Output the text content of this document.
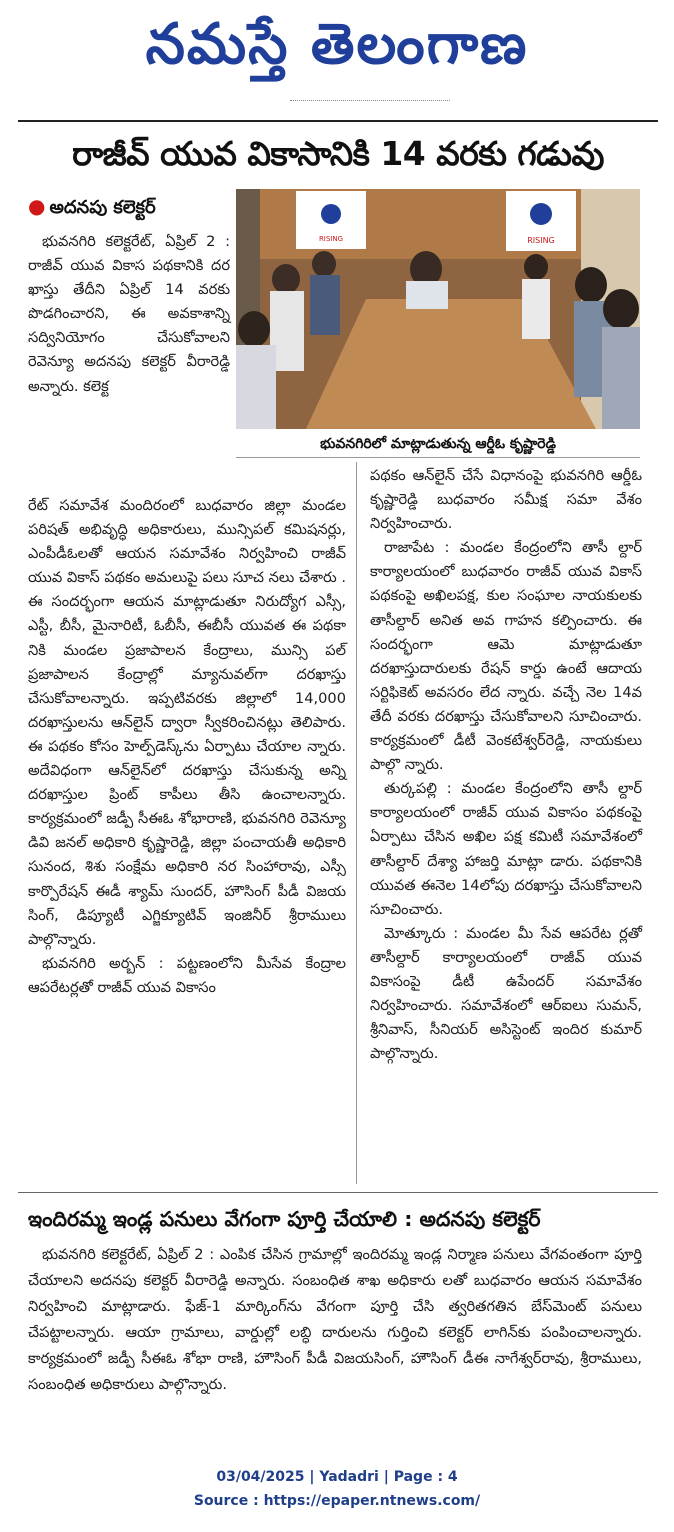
నమస్తే తెలంగాణ
రాజీవ్ యువ వికాసానికి 14 వరకు గడువు
● అదనపు కలెక్టర్
RISING	RISING
భువనగిరిలో మాట్లాడుతున్న ఆర్డీఓ కృష్ణారెడ్డి

భువనగిరి కలెక్టరేట్, ఏప్రిల్ 2 : రాజీవ్ యువ వికాస పథకానికి దర ఖాస్తు తేదీని ఏప్రిల్ 14 వరకు పొడగించారని, ఈ అవకాశాన్ని సద్వినియోగం చేసుకోవాలని రెవెన్యూ అదనపు కలెక్టర్ వీరారెడ్డి అన్నారు. కలెక్ట

రేట్ సమావేశ మందిరంలో బుధవారం జిల్లా మండల పరిషత్ అభివృద్ధి అధికారులు, మున్సిపల్ కమిషనర్లు, ఎంపీడీఓలతో ఆయన సమావేశం నిర్వహించి రాజీవ్ యువ వికాస్ పథకం అమలుపై పలు సూచ నలు చేశారు . ఈ సందర్భంగా ఆయన మాట్లాడుతూ నిరుద్యోగ ఎస్సీ, ఎస్టీ, బీసీ, మైనారిటీ, ఓబీసీ, ఈబీసీ యువత ఈ పథకా నికి మండల ప్రజాపాలన కేంద్రాలు, మున్సి పల్ ప్రజాపాలన కేంద్రాల్లో మ్యానువల్‌గా దరఖాస్తు చేసుకోవాలన్నారు. ఇప్పటివరకు జిల్లాలో 14,000 దరఖాస్తులను ఆన్‌లైన్ ద్వారా స్వీకరించినట్లు తెలిపారు. ఈ పథకం కోసం హెల్ప్‌డెస్క్‌ను ఏర్పాటు చేయాల న్నారు. అదేవిధంగా ఆన్‌లైన్‌లో దరఖాస్తు చేసుకున్న అన్ని దరఖాస్తుల ప్రింట్ కాపీలు తీసి ఉంచాలన్నారు. కార్యక్రమంలో జడ్పీ సీఈఓ శోభారాణి, భువనగిరి రెవెన్యూ డివి జనల్ అధికారి కృష్ణారెడ్డి, జిల్లా పంచాయతీ అధికారి సునంద, శిశు సంక్షేమ అధికారి నర సింహారావు, ఎస్సీ కార్పొరేషన్ ఈడీ శ్యామ్ సుందర్, హౌసింగ్ పీడీ విజయ సింగ్, డిప్యూటీ ఎగ్జిక్యూటివ్ ఇంజినీర్ శ్రీరాములు పాల్గొన్నారు.

భువనగిరి అర్బన్ : పట్టణంలోని మీసేవ కేంద్రాల ఆపరేటర్లతో రాజీవ్ యువ వికాసం

పథకం ఆన్‌లైన్ చేసే విధానంపై భువనగిరి ఆర్డీఓ కృష్ణారెడ్డి బుధవారం సమీక్ష సమా వేశం నిర్వహించారు.

రాజాపేట : మండల కేంద్రంలోని తాసీ ల్దార్ కార్యాలయంలో బుధవారం రాజీవ్ యువ వికాస్ పథకంపై అఖిలపక్ష, కుల సంఘాల నాయకులకు తాసీల్దార్ అనిత అవ గాహన కల్పించారు. ఈ సందర్భంగా ఆమె మాట్లాడుతూ దరఖాస్తుదారులకు రేషన్ కార్డు ఉంటే ఆదాయ సర్టిఫికెట్ అవసరం లేద న్నారు. వచ్చే నెల 14వ తేదీ వరకు దరఖాస్తు చేసుకోవాలని సూచించారు. కార్యక్రమంలో డీటీ వెంకటేశ్వర్‌రెడ్డి, నాయకులు పాల్గొ న్నారు.

తుర్కపల్లి : మండల కేంద్రంలోని తాసీ ల్దార్ కార్యాలయంలో రాజీవ్ యువ వికాసం పథకంపై ఏర్పాటు చేసిన అఖిల పక్ష కమిటీ సమావేశంలో తాసీల్దార్ దేశ్యా హాజర్తి మాట్లా డారు. పథకానికి యువత ఈనెల 14లోపు దరఖాస్తు చేసుకోవాలని సూచించారు.

మోత్కూరు : మండల మీ సేవ ఆపరేట ర్లతో తాసీల్దార్ కార్యాలయంలో రాజీవ్ యువ వికాసంపై డీటీ ఉపేందర్ సమావేశం నిర్వహించారు. సమావేశంలో ఆర్ఐలు సుమన్, శ్రీనివాస్, సీనియర్ అసిస్టెంట్ ఇందిర కుమార్ పాల్గొన్నారు.

ఇందిరమ్మ ఇండ్ల పనులు వేగంగా పూర్తి చేయాలి : అదనపు కలెక్టర్

భువనగిరి కలెక్టరేట్, ఏప్రిల్ 2 : ఎంపిక చేసిన గ్రామాల్లో ఇందిరమ్మ ఇండ్ల నిర్మాణ పనులు వేగవంతంగా పూర్తి చేయాలని అదనపు కలెక్టర్ వీరారెడ్డి అన్నారు. సంబంధిత శాఖ అధికారు లతో బుధవారం ఆయన సమావేశం నిర్వహించి మాట్లాడారు. ఫేజ్-1 మార్కింగ్‌ను వేగంగా పూర్తి చేసి త్వరితగతిన బేస్‌మెంట్ పనులు చేపట్టాలన్నారు. ఆయా గ్రామాలు, వార్డుల్లో లబ్ధి దారులను గుర్తించి కలెక్టర్ లాగిన్‌కు పంపించాలన్నారు. కార్యక్రమంలో జడ్పీ సీఈఓ శోభా రాణి, హౌసింగ్ పీడీ విజయసింగ్, హౌసింగ్ డీఈ నాగేశ్వర్‌రావు, శ్రీరాములు, సంబంధిత అధికారులు పాల్గొన్నారు.

03/04/2025 | Yadadri | Page : 4
Source : https://epaper.ntnews.com/
